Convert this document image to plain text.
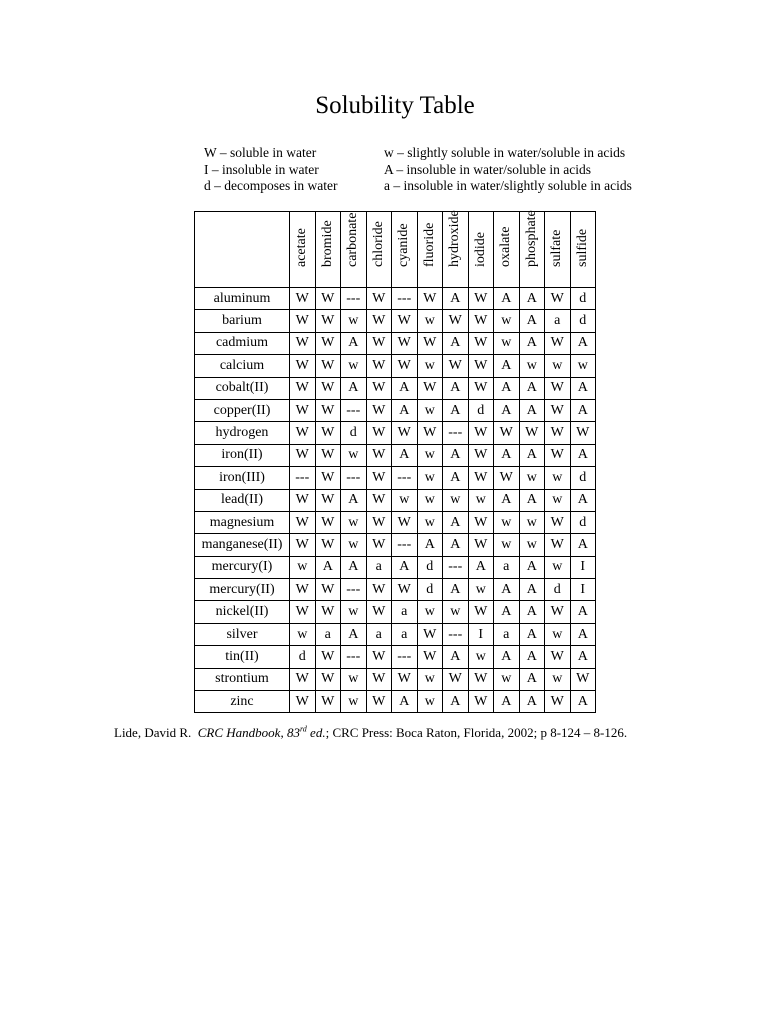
Solubility Table
W – soluble in water
I – insoluble in water
d – decomposes in water
w – slightly soluble in water/soluble in acids
A – insoluble in water/soluble in acids
a – insoluble in water/slightly soluble in acids

	acetate	bromide	carbonate	chloride	cyanide	fluoride	hydroxide	iodide	oxalate	phosphate	sulfate	sulfide

aluminum	W	W	---	W	---	W	A	W	A	A	W	d
barium	W	W	w	W	W	w	W	W	w	A	a	d
cadmium	W	W	A	W	W	W	A	W	w	A	W	A
calcium	W	W	w	W	W	w	W	W	A	w	w	w
cobalt(II)	W	W	A	W	A	W	A	W	A	A	W	A
copper(II)	W	W	---	W	A	w	A	d	A	A	W	A
hydrogen	W	W	d	W	W	W	---	W	W	W	W	W
iron(II)	W	W	w	W	A	w	A	W	A	A	W	A
iron(III)	---	W	---	W	---	w	A	W	W	w	w	d
lead(II)	W	W	A	W	w	w	w	w	A	A	w	A
magnesium	W	W	w	W	W	w	A	W	w	w	W	d
manganese(II)	W	W	w	W	---	A	A	W	w	w	W	A
mercury(I)	w	A	A	a	A	d	---	A	a	A	w	I
mercury(II)	W	W	---	W	W	d	A	w	A	A	d	I
nickel(II)	W	W	w	W	a	w	w	W	A	A	W	A
silver	w	a	A	a	a	W	---	I	a	A	w	A
tin(II)	d	W	---	W	---	W	A	w	A	A	W	A
strontium	W	W	w	W	W	w	W	W	w	A	w	W
zinc	W	W	w	W	A	w	A	W	A	A	W	A
Lide, David R. CRC Handbook, 83rd ed.; CRC Press: Boca Raton, Florida, 2002; p 8-124 – 8-126.
